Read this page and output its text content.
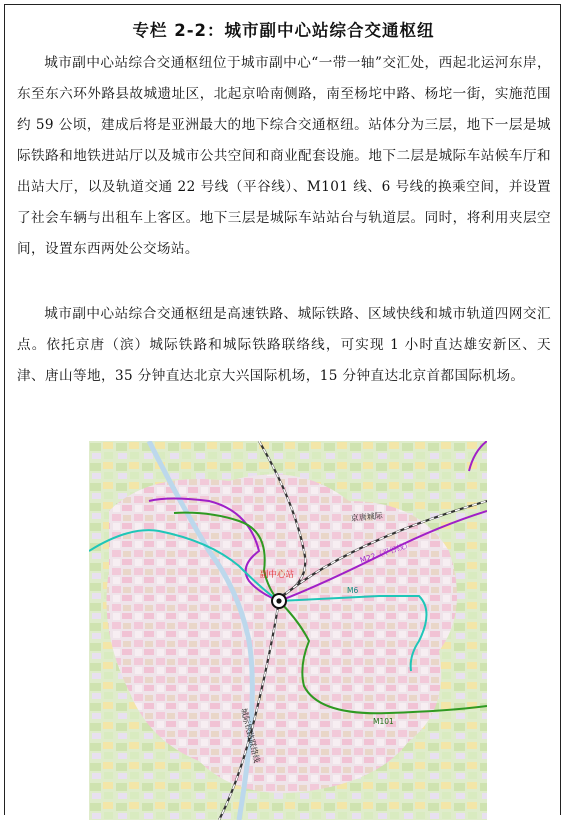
专栏 2-2：城市副中心站综合交通枢纽

城市副中心站综合交通枢纽位于城市副中心“一带一轴”交汇处，西起北运河东岸，东至东六环外路县故城遗址区，北起京哈南侧路，南至杨坨中路、杨坨一街，实施范围约 59 公顷，建成后将是亚洲最大的地下综合交通枢纽。站体分为三层，地下一层是城际铁路和地铁进站厅以及城市公共空间和商业配套设施。地下二层是城际车站候车厅和出站大厅，以及轨道交通 22 号线（平谷线）、M101 线、6 号线的换乘空间，并设置了社会车辆与出租车上客区。地下三层是城际车站站台与轨道层。同时，将利用夹层空间，设置东西两处公交场站。

城市副中心站综合交通枢纽是高速铁路、城际铁路、区域快线和城市轨道四网交汇点。依托京唐（滨）城际铁路和城际铁路联络线，可实现 1 小时直达雄安新区、天津、唐山等地，35 分钟直达北京大兴国际机场，15 分钟直达北京首都国际机场。

副中心站
京唐城际
M22（平谷线）
M6
M101
城际铁路联络线
